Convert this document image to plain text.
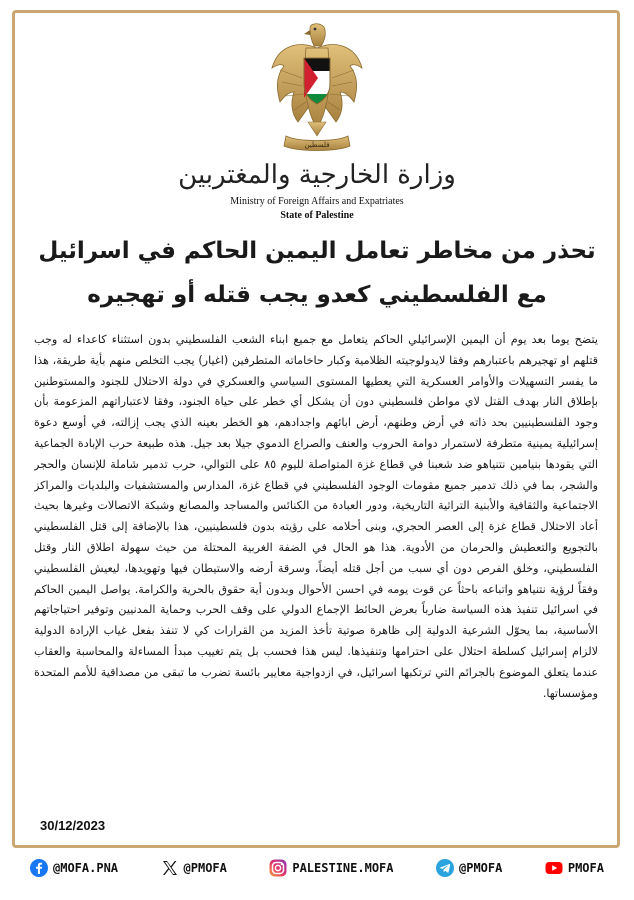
فلسطين
وزارة الخارجية والمغتربين
Ministry of Foreign Affairs and Expatriates
State of Palestine
تحذر من مخاطر تعامل اليمين الحاكم في اسرائيل
مع الفلسطيني كعدو يجب قتله أو تهجيره
يتضح يوما بعد يوم أن اليمين الإسرائيلي الحاكم يتعامل مع جميع ابناء الشعب الفلسطيني بدون استثناء كاعداء له وجب قتلهم او تهجيرهم باعتبارهم وفقا لايدولوجيته الظلامية وكبار حاخاماته المتطرفين (اغيار) يجب التخلص منهم بأية طريقة، هذا ما يفسر التسهيلات والأوامر العسكرية التي يعطيها المستوى السياسي والعسكري في دولة الاحتلال للجنود والمستوطنين بإطلاق النار بهدف القتل لاي مواطن فلسطيني دون أن يشكل أي خطر على حياة الجنود، وفقا لاعتباراتهم المزعومة بأن وجود الفلسطينيين بحد ذاته في أرض وطنهم، أرض ابائهم واجدادهم، هو الخطر بعينه الذي يجب إزالته، في أوسع دعوة إسرائيلية يمينية متطرفة لاستمرار دوامة الحروب والعنف والصراع الدموي جيلا بعد جيل. هذه طبيعة حرب الإبادة الجماعية التي يقودها بنيامين نتنياهو ضد شعبنا في قطاع غزة المتواصلة لليوم ٨٥ على التوالي، حرب تدمير شاملة للإنسان والحجر والشجر، بما في ذلك تدمير جميع مقومات الوجود الفلسطيني في قطاع غزة، المدارس والمستشفيات والبلديات والمراكز الاجتماعية والثقافية والأبنية التراثية التاريخية، ودور العبادة من الكنائس والمساجد والمصانع وشبكة الاتصالات وغيرها بحيث أعاد الاحتلال قطاع غزة إلى العصر الحجري، وبنى أحلامه على رؤيته بدون فلسطينيين، هذا بالإضافة إلى قتل الفلسطيني بالتجويع والتعطيش والحرمان من الأدوية. هذا هو الحال في الضفة الغربية المحتلة من حيث سهولة اطلاق النار وقتل الفلسطيني، وخلق الفرص دون أي سبب من أجل قتله أيضاً، وسرقة أرضه والاستيطان فيها وتهويدها، ليعيش الفلسطيني وفقاً لرؤية نتنياهو واتباعه باحثاً عن قوت يومه في احسن الأحوال وبدون أية حقوق بالحرية والكرامة. يواصل اليمين الحاكم في اسرائيل تنفيذ هذه السياسة ضارباً بعرض الحائط الإجماع الدولي على وقف الحرب وحماية المدنيين وتوفير احتياجاتهم الأساسية، بما يحوّل الشرعية الدولية إلى ظاهرة صوتية تأخذ المزيد من القرارات كي لا تنفذ بفعل غياب الإرادة الدولية لالزام إسرائيل كسلطة احتلال على احترامها وتنفيذها. ليس هذا فحسب بل يتم تغييب مبدأ المساءلة والمحاسبة والعقاب عندما يتعلق الموضوع بالجرائم التي ترتكبها اسرائيل، في ازدواجية معايير بائسة تضرب ما تبقى من مصداقية للأمم المتحدة ومؤسساتها.
30/12/2023
@MOFA.PNA	@PMOFA	PALESTINE.MOFA	@PMOFA	PMOFA
